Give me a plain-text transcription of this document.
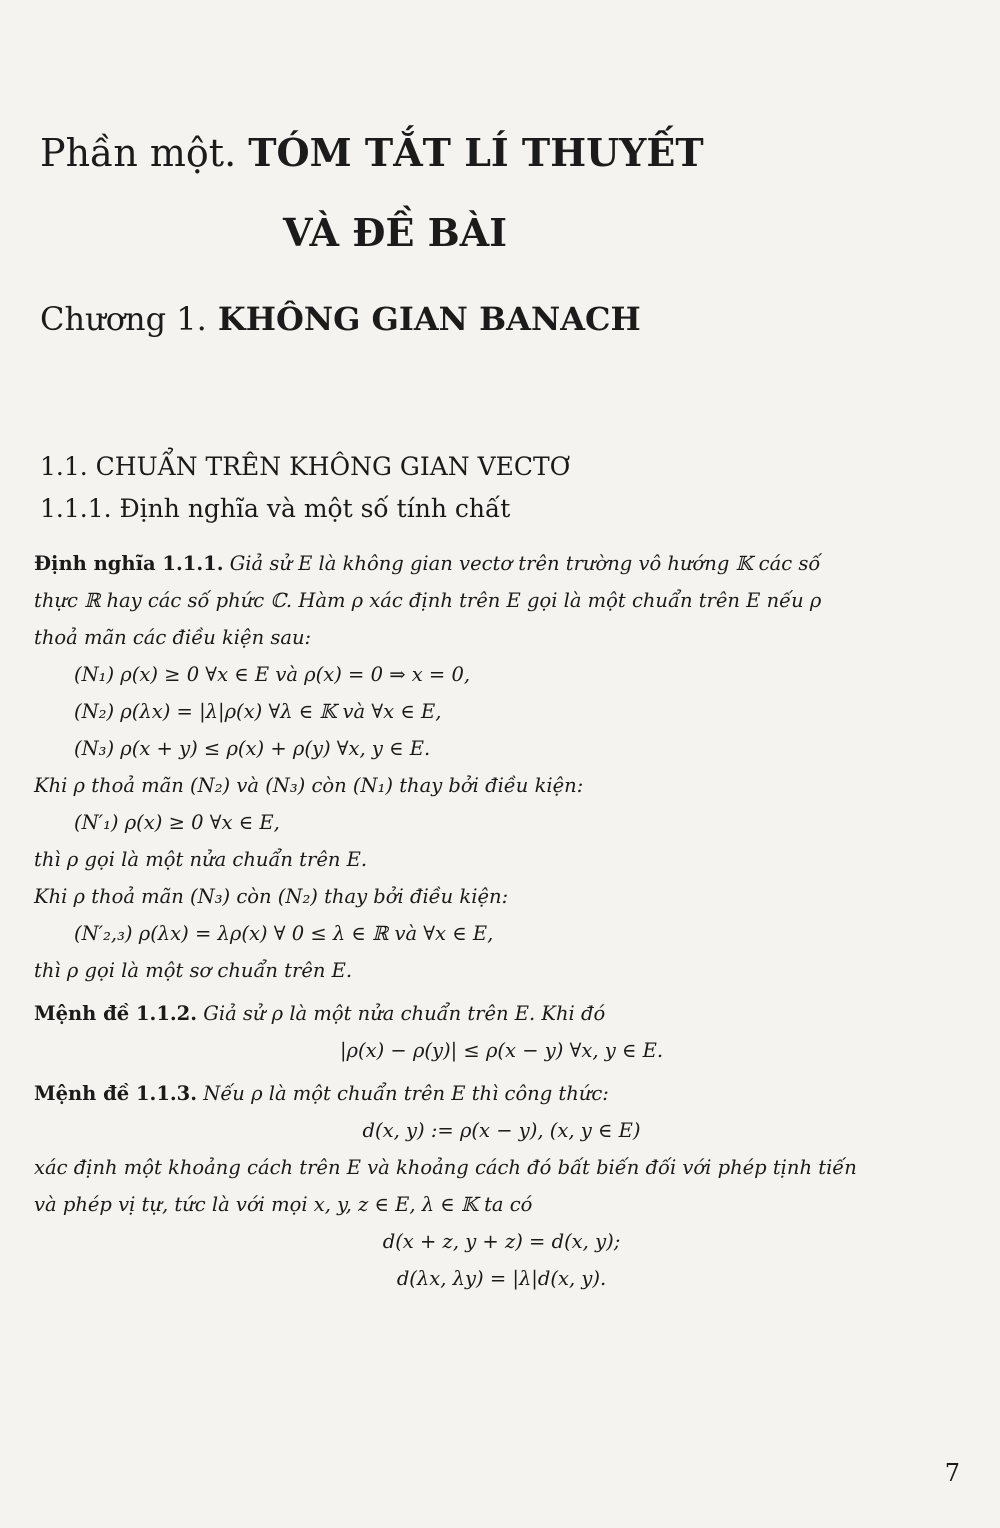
Phần một. TÓM TẮT LÍ THUYẾT
VÀ ĐỀ BÀI
Chương 1. KHÔNG GIAN BANACH
1.1. CHUẨN TRÊN KHÔNG GIAN VECTƠ
1.1.1. Định nghĩa và một số tính chất

Định nghĩa 1.1.1. Giả sử E là không gian vectơ trên trường vô hướng 𝕂 các số

thực ℝ hay các số phức ℂ. Hàm ρ xác định trên E gọi là một chuẩn trên E nếu ρ

thoả mãn các điều kiện sau:

(N₁) ρ(x) ≥ 0 ∀x ∈ E và ρ(x) = 0 ⇒ x = 0,

(N₂) ρ(λx) = |λ|ρ(x) ∀λ ∈ 𝕂 và ∀x ∈ E,

(N₃) ρ(x + y) ≤ ρ(x) + ρ(y) ∀x, y ∈ E.

Khi ρ thoả mãn (N₂) và (N₃) còn (N₁) thay bởi điều kiện:

(N′₁) ρ(x) ≥ 0 ∀x ∈ E,

thì ρ gọi là một nửa chuẩn trên E.

Khi ρ thoả mãn (N₃) còn (N₂) thay bởi điều kiện:

(N′₂,₃) ρ(λx) = λρ(x) ∀ 0 ≤ λ ∈ ℝ và ∀x ∈ E,

thì ρ gọi là một sơ chuẩn trên E.

Mệnh đề 1.1.2. Giả sử ρ là một nửa chuẩn trên E. Khi đó

|ρ(x) − ρ(y)| ≤ ρ(x − y) ∀x, y ∈ E.

Mệnh đề 1.1.3. Nếu ρ là một chuẩn trên E thì công thức:

d(x, y) := ρ(x − y), (x, y ∈ E)

xác định một khoảng cách trên E và khoảng cách đó bất biến đối với phép tịnh tiến

và phép vị tự, tức là với mọi x, y, z ∈ E, λ ∈ 𝕂 ta có

d(x + z, y + z) = d(x, y);

d(λx, λy) = |λ|d(x, y).

7
